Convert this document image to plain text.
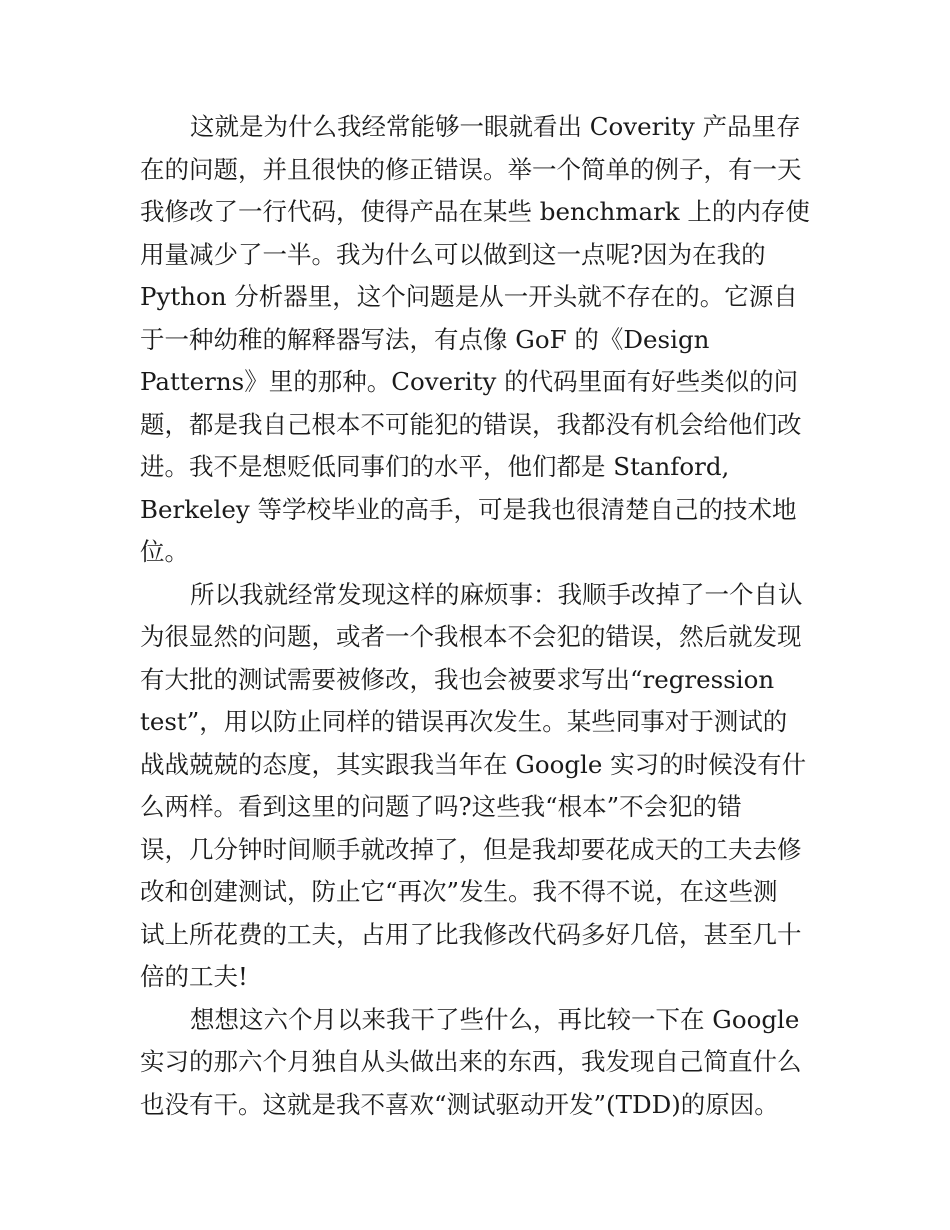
这就是为什么我经常能够一眼就看出 Coverity 产品里存
在的问题，并且很快的修正错误。举一个简单的例子，有一天
我修改了一行代码，使得产品在某些 benchmark 上的内存使
用量减少了一半。我为什么可以做到这一点呢?因为在我的
Python 分析器里，这个问题是从一开头就不存在的。它源自
于一种幼稚的解释器写法，有点像 GoF 的《Design
Patterns》里的那种。Coverity 的代码里面有好些类似的问
题，都是我自己根本不可能犯的错误，我都没有机会给他们改
进。我不是想贬低同事们的水平，他们都是 Stanford,
Berkeley 等学校毕业的高手，可是我也很清楚自己的技术地
位。
所以我就经常发现这样的麻烦事：我顺手改掉了一个自认
为很显然的问题，或者一个我根本不会犯的错误，然后就发现
有大批的测试需要被修改，我也会被要求写出“regression
test”，用以防止同样的错误再次发生。某些同事对于测试的
战战兢兢的态度，其实跟我当年在 Google 实习的时候没有什
么两样。看到这里的问题了吗?这些我“根本”不会犯的错
误，几分钟时间顺手就改掉了，但是我却要花成天的工夫去修
改和创建测试，防止它“再次”发生。我不得不说，在这些测
试上所花费的工夫，占用了比我修改代码多好几倍，甚至几十
倍的工夫!
想想这六个月以来我干了些什么，再比较一下在 Google
实习的那六个月独自从头做出来的东西，我发现自己简直什么
也没有干。这就是我不喜欢“测试驱动开发”(TDD)的原因。
